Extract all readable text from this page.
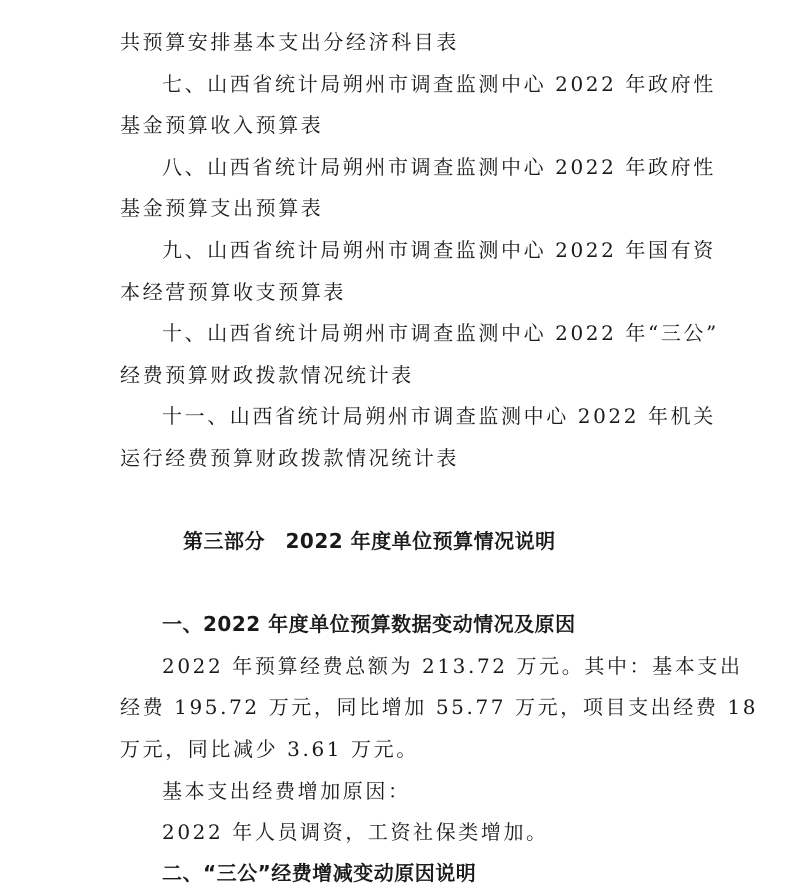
共预算安排基本支出分经济科目表
七、山西省统计局朔州市调查监测中心 2022 年政府性
基金预算收入预算表
八、山西省统计局朔州市调查监测中心 2022 年政府性
基金预算支出预算表
九、山西省统计局朔州市调查监测中心 2022 年国有资
本经营预算收支预算表
十、山西省统计局朔州市调查监测中心 2022 年“三公”
经费预算财政拨款情况统计表
十一、山西省统计局朔州市调查监测中心 2022 年机关
运行经费预算财政拨款情况统计表
第三部分　2022 年度单位预算情况说明
一、2022 年度单位预算数据变动情况及原因
2022 年预算经费总额为 213.72 万元。其中：基本支出
经费 195.72 万元，同比增加 55.77 万元，项目支出经费 18
万元，同比减少 3.61 万元。
基本支出经费增加原因：
2022 年人员调资，工资社保类增加。
二、“三公”经费增减变动原因说明
